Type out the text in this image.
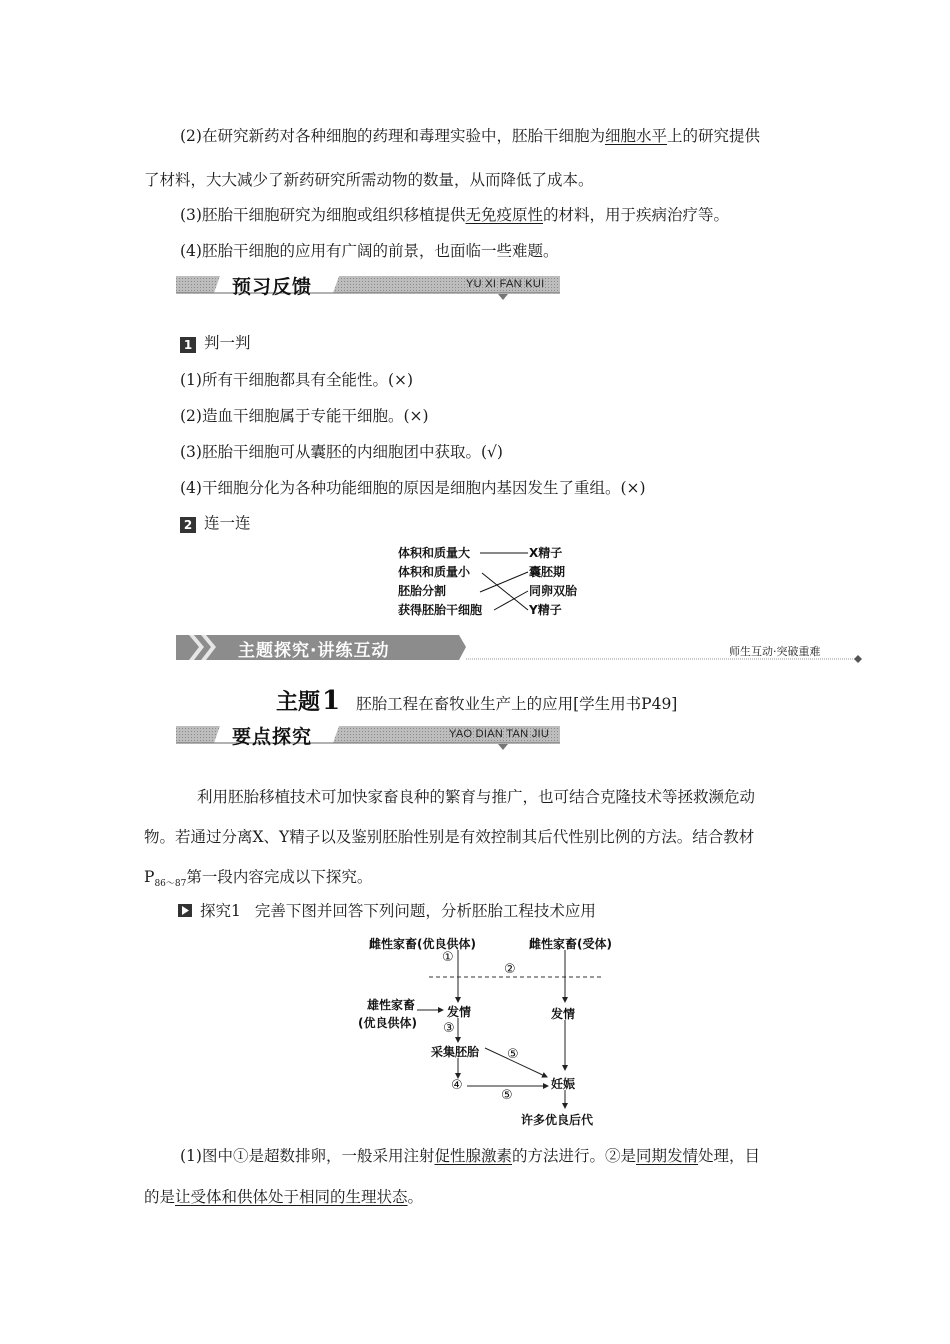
(2)在研究新药对各种细胞的药理和毒理实验中，胚胎干细胞为细胞水平上的研究提供
了材料，大大减少了新药研究所需动物的数量，从而降低了成本。
(3)胚胎干细胞研究为细胞或组织移植提供无免疫原性的材料，用于疾病治疗等。
(4)胚胎干细胞的应用有广阔的前景，也面临一些难题。
预习反馈	YU XI FAN KUI
1 判一判
(1)所有干细胞都具有全能性。(×)
(2)造血干细胞属于专能干细胞。(×)
(3)胚胎干细胞可从囊胚的内细胞团中获取。(√)
(4)干细胞分化为各种功能细胞的原因是细胞内基因发生了重组。(×)
2 连一连
体积和质量大
体积和质量小
胚胎分割
获得胚胎干细胞
X精子
囊胚期
同卵双胎
Y精子
主题探究·讲练互动	师生互动·突破重难
主题1 胚胎工程在畜牧业生产上的应用[学生用书P49]
要点探究	YAO DIAN TAN JIU
利用胚胎移植技术可加快家畜良种的繁育与推广，也可结合克隆技术等拯救濒危动
物。若通过分离X、Y精子以及鉴别胚胎性别是有效控制其后代性别比例的方法。结合教材
$P_{86\sim 87}$第一段内容完成以下探究。
探究1 完善下图并回答下列问题，分析胚胎工程技术应用
雌性家畜(优良供体)	雌性家畜(受体)
①
②
雄性家畜
(优良供体)
发情	发情
③
采集胚胎 ⑤
④	妊娠
⑤
许多优良后代
(1)图中①是超数排卵，一般采用注射促性腺激素的方法进行。②是同期发情处理，目
的是让受体和供体处于相同的生理状态。
